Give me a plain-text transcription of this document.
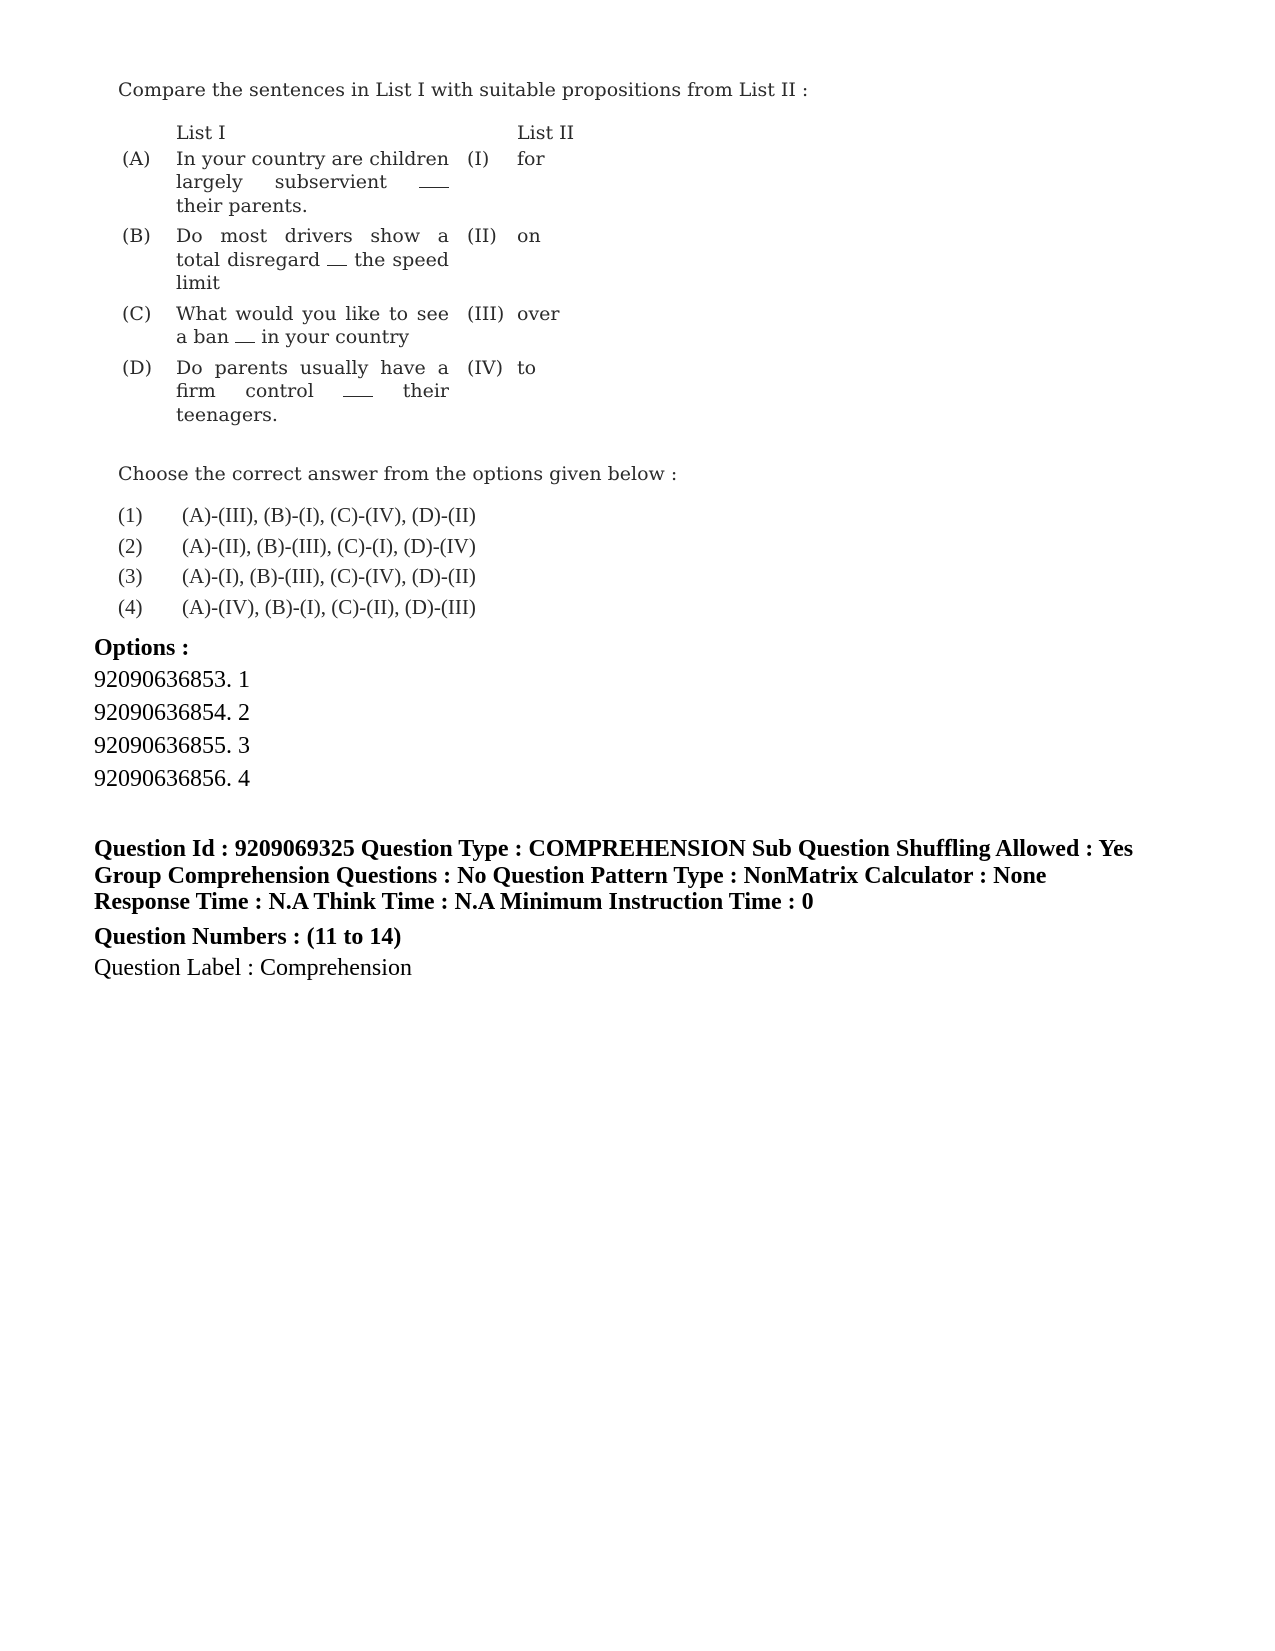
Compare the sentences in List I with suitable propositions from List II :

	List I		List II
(A)	In your country are children largely subservient  their parents.	(I)	for
(B)	Do most drivers show a total disregard the speed limit	(II)	on
(C)	What would you like to see a ban in your country	(III)	over
(D)	Do parents usually have a firm control their teenagers.	(IV)	to

Choose the correct answer from the options given below :

(1)	(A)-(III), (B)-(I), (C)-(IV), (D)-(II)
(2)	(A)-(II), (B)-(III), (C)-(I), (D)-(IV)
(3)	(A)-(I), (B)-(III), (C)-(IV), (D)-(II)
(4)	(A)-(IV), (B)-(I), (C)-(II), (D)-(III)
Options :
92090636853. 1
92090636854. 2
92090636855. 3
92090636856. 4
Question Id : 9209069325 Question Type : COMPREHENSION Sub Question Shuffling Allowed : Yes
Group Comprehension Questions : No Question Pattern Type : NonMatrix Calculator : None
Response Time : N.A Think Time : N.A Minimum Instruction Time : 0
Question Numbers : (11 to 14)
Question Label : Comprehension
